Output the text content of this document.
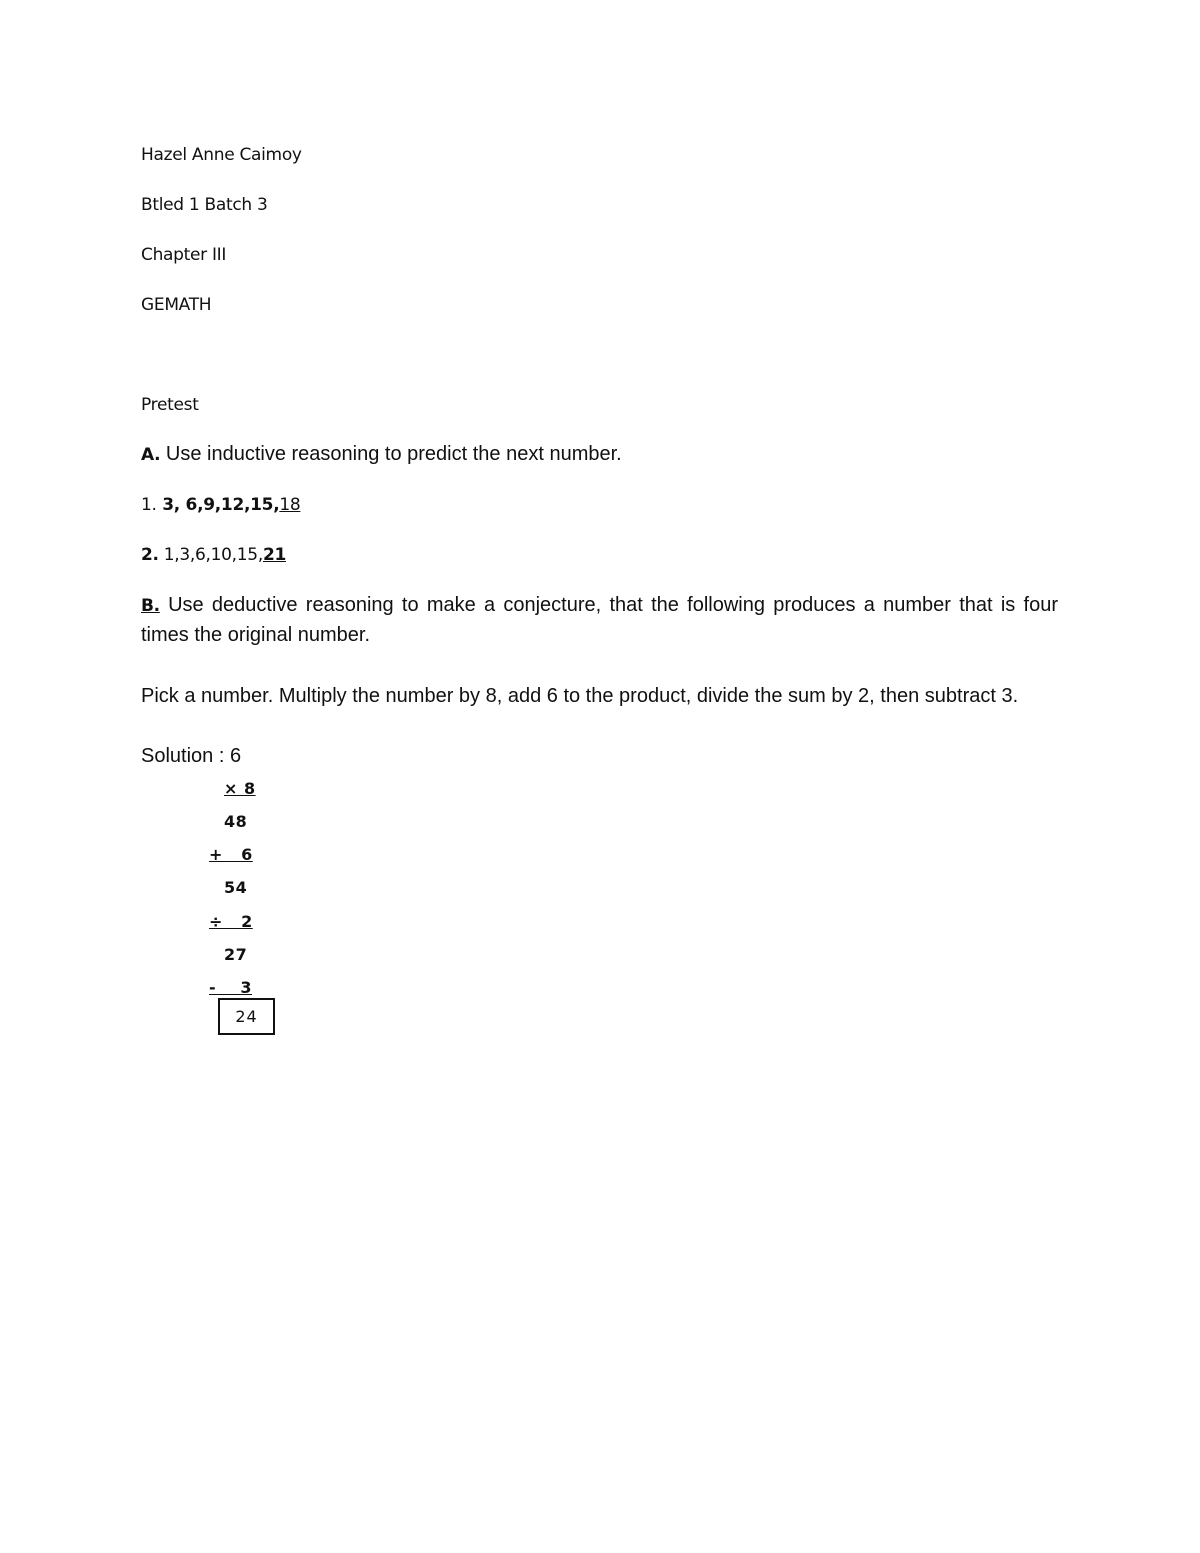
Hazel Anne Caimoy
Btled 1 Batch 3
Chapter III
GEMATH
Pretest
A. Use inductive reasoning to predict the next number.
1. 3, 6,9,12,15,18
2. 1,3,6,10,15,21
B. Use deductive reasoning to make a conjecture, that the following produces a number that is four times the original number.
Pick a number. Multiply the number by 8, add 6 to the product, divide the sum by 2, then subtract 3.
Solution : 6
× 8
48
+   6
54
÷   2
27
-    3
24
